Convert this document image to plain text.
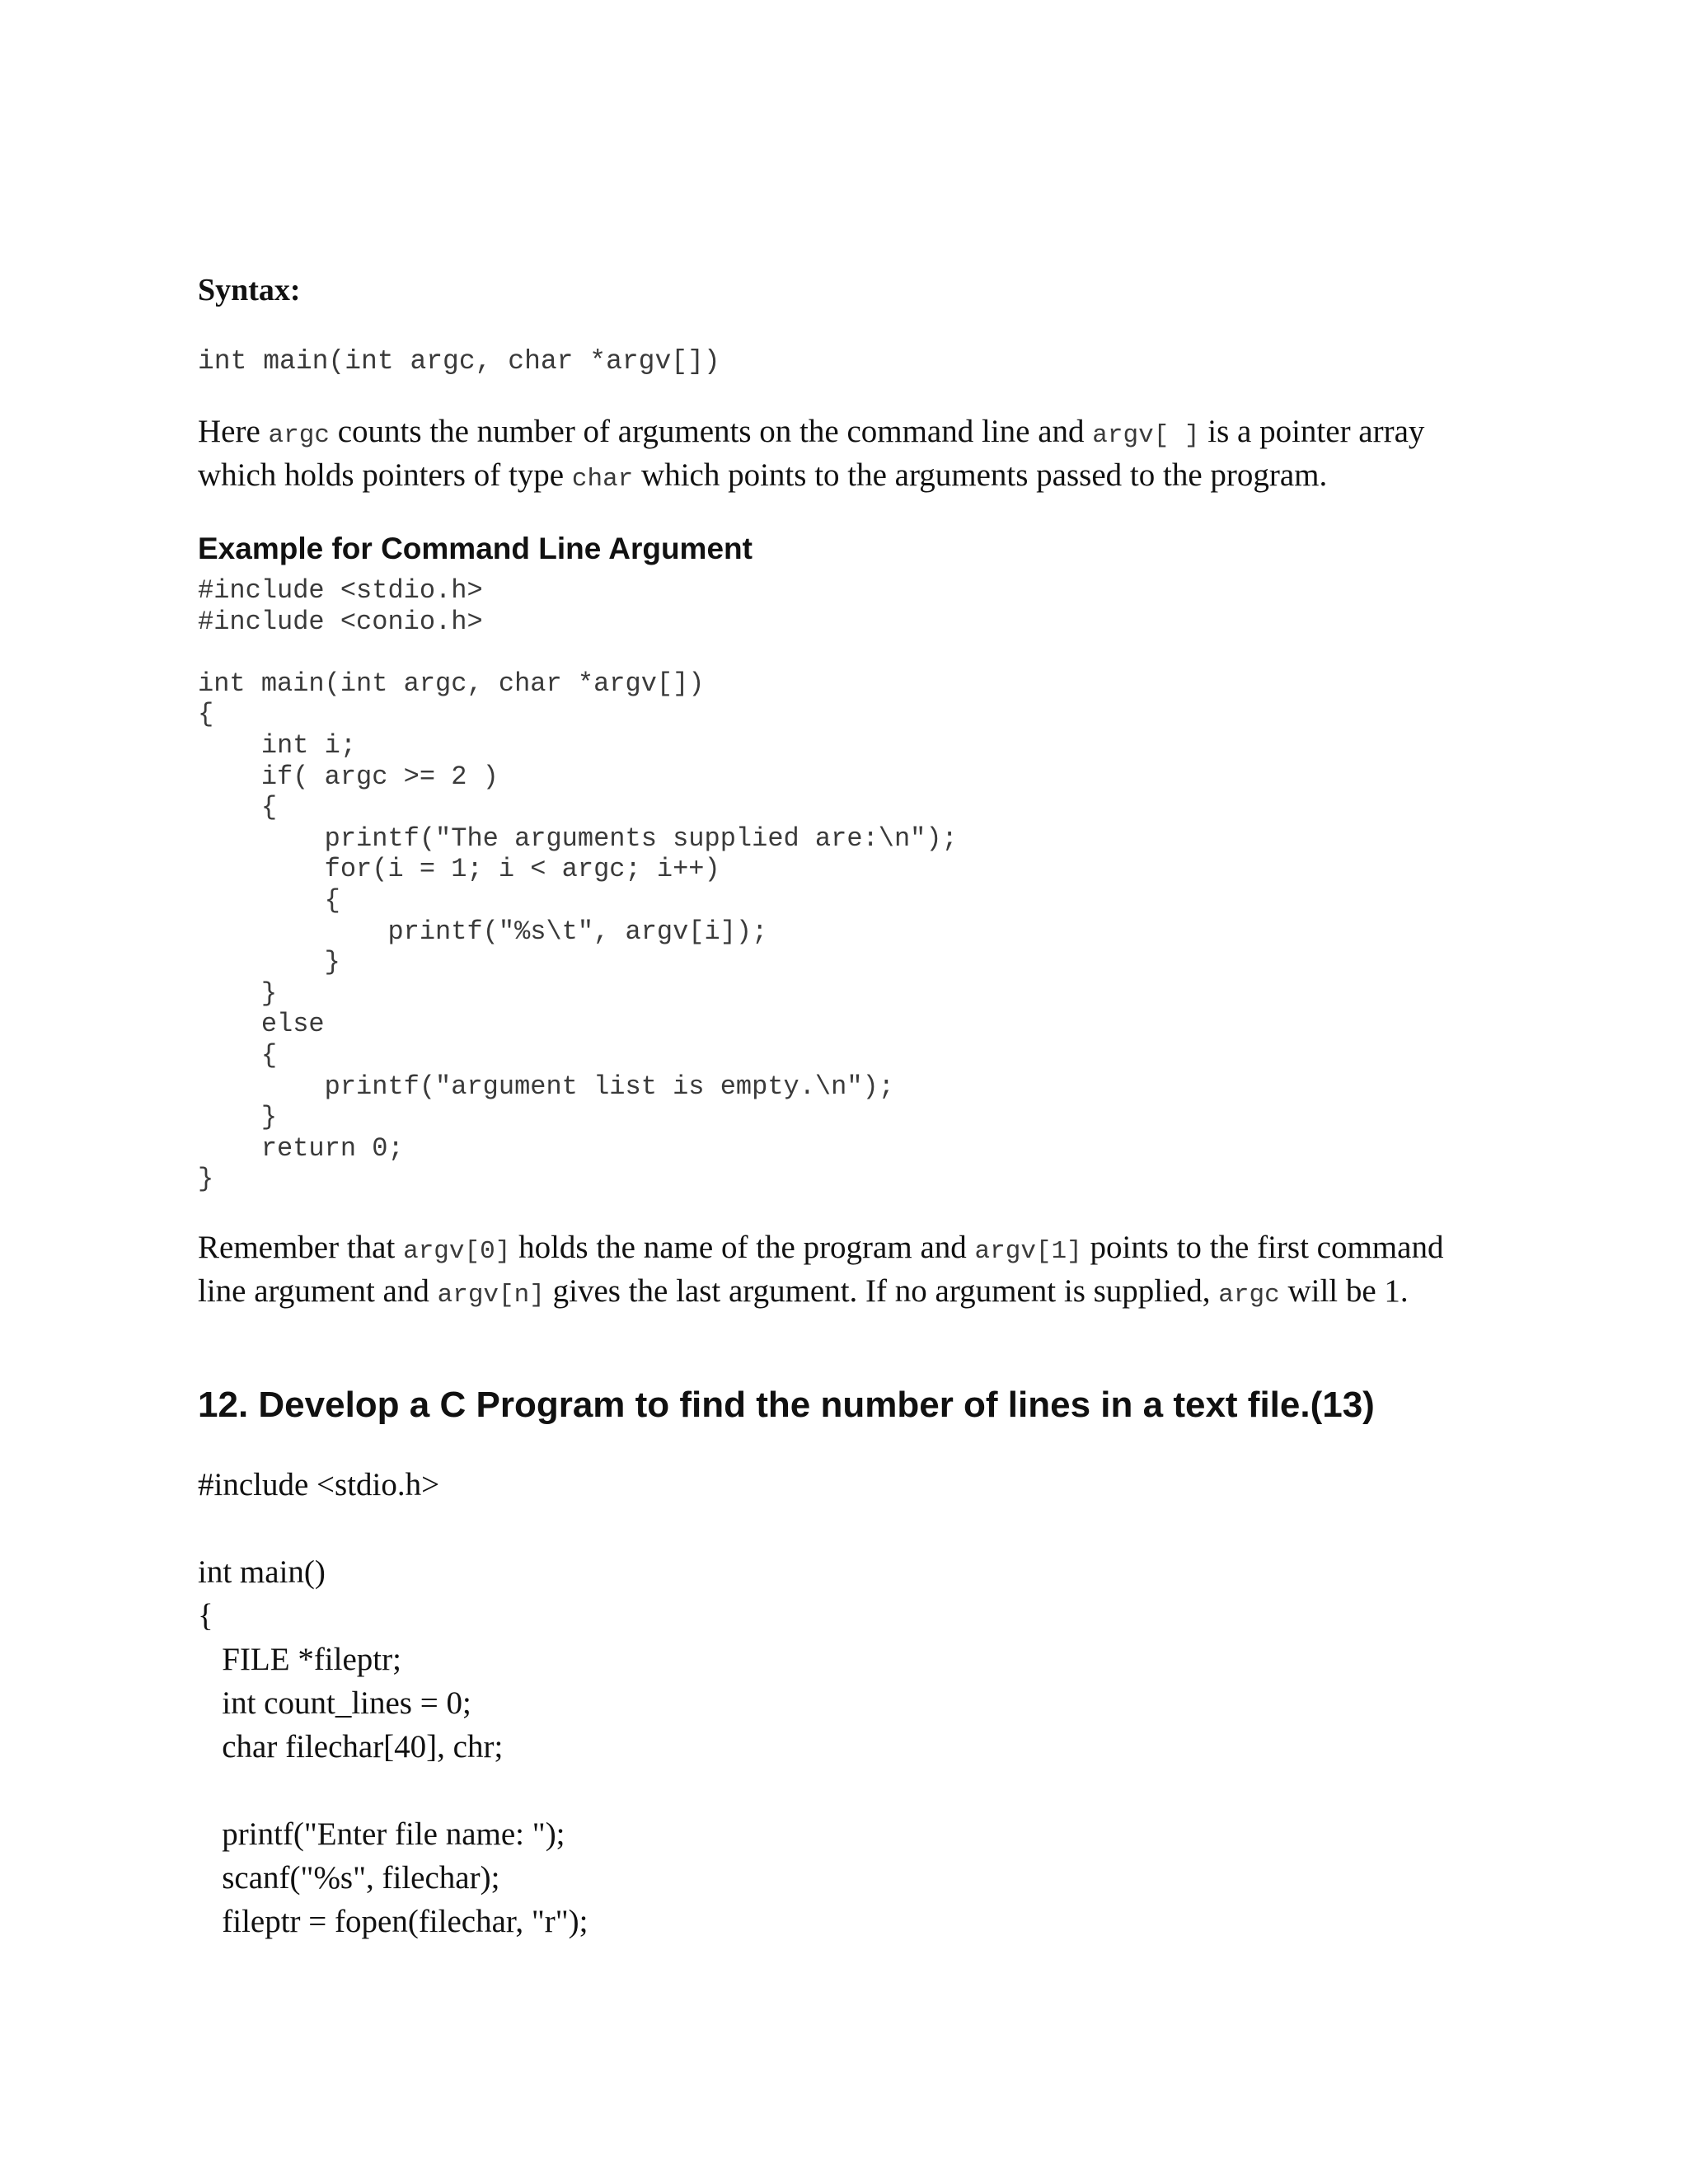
Syntax:
int main(int argc, char *argv[])
Here argc counts the number of arguments on the command line and argv[ ] is a pointer array which holds pointers of type char which points to the arguments passed to the program.
Example for Command Line Argument
#include <stdio.h>
#include <conio.h>
int main(int argc, char *argv[])
{
int i;
if( argc >= 2 )
{
printf("The arguments supplied are:\n");
for(i = 1; i < argc; i++)
{
printf("%s\t", argv[i]);
}
}
else
{
printf("argument list is empty.\n");
}
return 0;
}
Remember that argv[0] holds the name of the program and argv[1] points to the first command line argument and argv[n] gives the last argument. If no argument is supplied, argc will be 1.
12. Develop a C Program to find the number of lines in a text file.(13)
#include <stdio.h>
int main()
{
FILE *fileptr;
int count_lines = 0;
char filechar[40], chr;
printf("Enter file name: ");
scanf("%s", filechar);
fileptr = fopen(filechar, "r");
